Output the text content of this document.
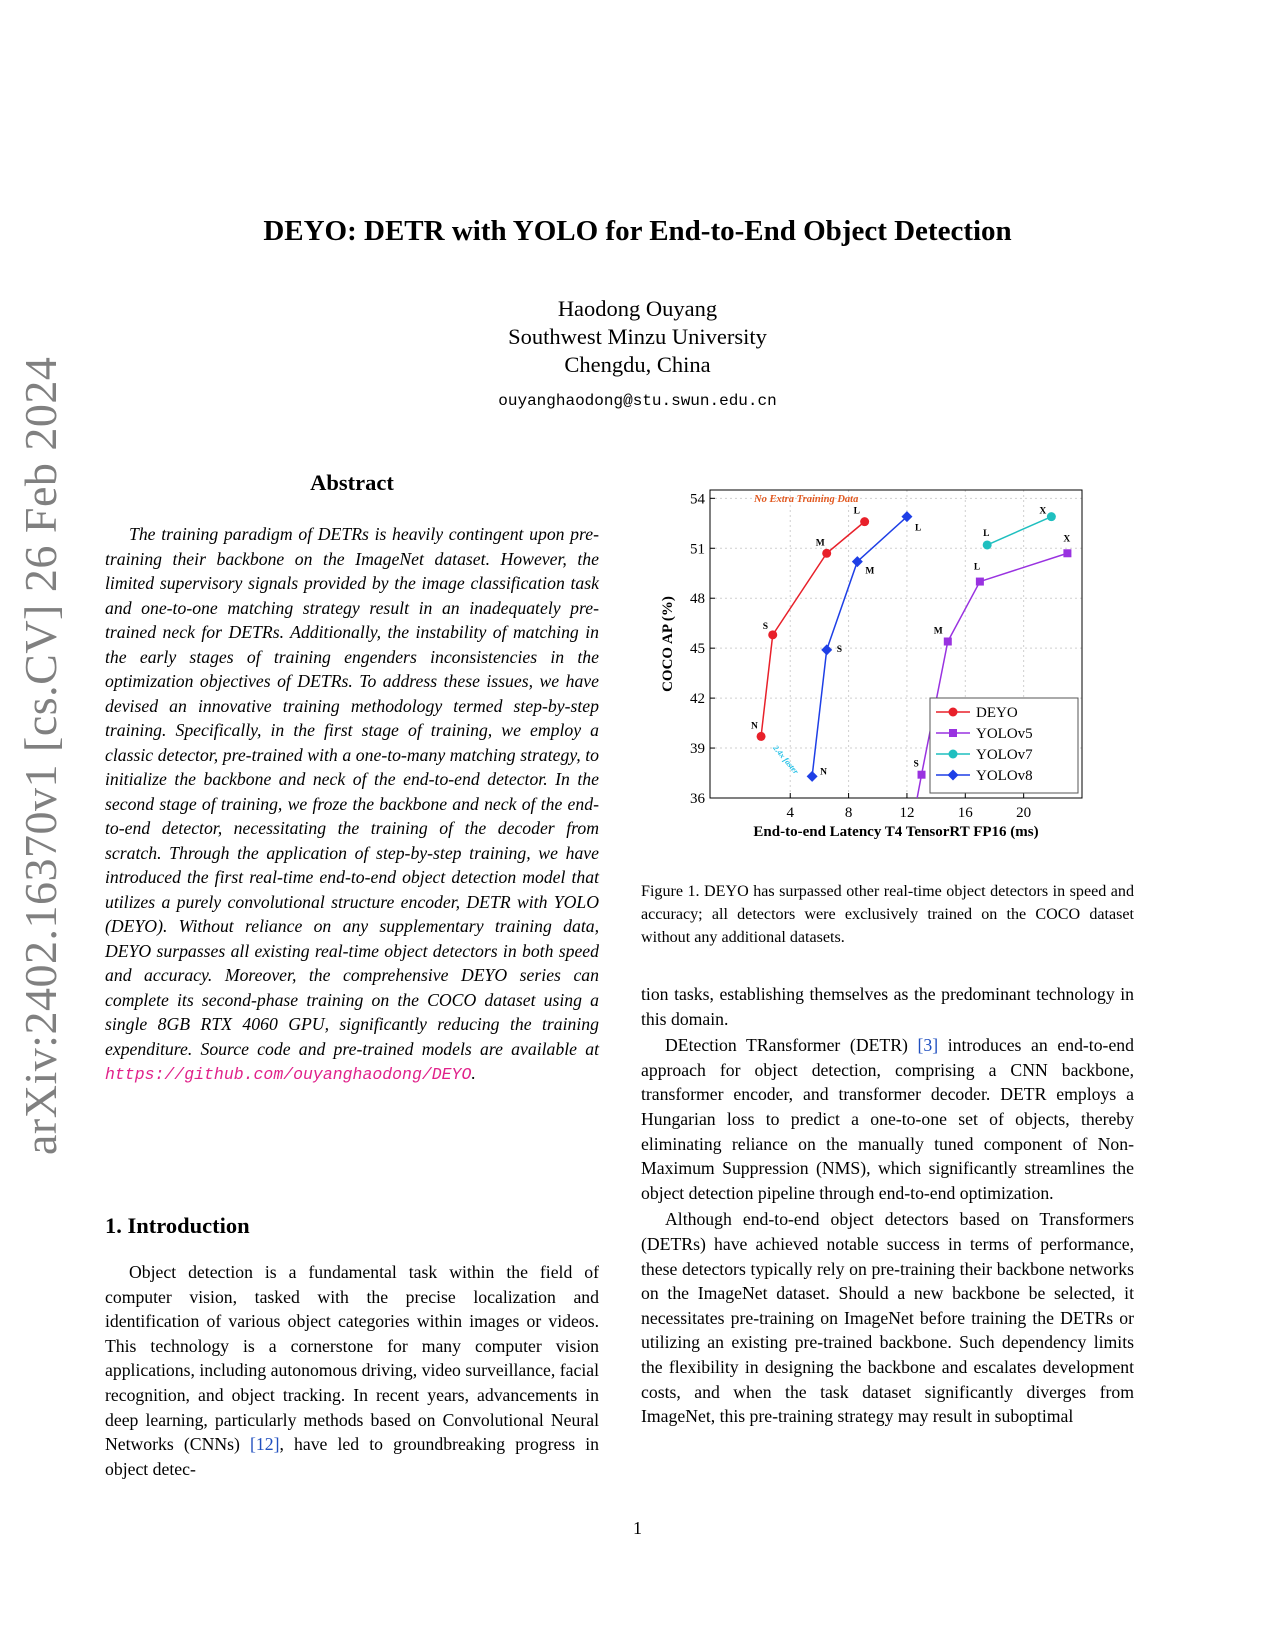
arXiv:2402.16370v1 [cs.CV] 26 Feb 2024
DEYO: DETR with YOLO for End-to-End Object Detection
Haodong Ouyang
Southwest Minzu University
Chengdu, China
ouyanghaodong@stu.swun.edu.cn
Abstract
The training paradigm of DETRs is heavily contingent upon pre-training their backbone on the ImageNet dataset. However, the limited supervisory signals provided by the image classification task and one-to-one matching strategy result in an inadequately pre-trained neck for DETRs. Additionally, the instability of matching in the early stages of training engenders inconsistencies in the optimization objectives of DETRs. To address these issues, we have devised an innovative training methodology termed step-by-step training. Specifically, in the first stage of training, we employ a classic detector, pre-trained with a one-to-many matching strategy, to initialize the backbone and neck of the end-to-end detector. In the second stage of training, we froze the backbone and neck of the end-to-end detector, necessitating the training of the decoder from scratch. Through the application of step-by-step training, we have introduced the first real-time end-to-end object detection model that utilizes a purely convolutional structure encoder, DETR with YOLO (DEYO). Without reliance on any supplementary training data, DEYO surpasses all existing real-time object detectors in both speed and accuracy. Moreover, the comprehensive DEYO series can complete its second-phase training on the COCO dataset using a single 8GB RTX 4060 GPU, significantly reducing the training expenditure. Source code and pre-trained models are available at https://github.com/ouyanghaodong/DEYO.
1. Introduction
Object detection is a fundamental task within the field of computer vision, tasked with the precise localization and identification of various object categories within images or videos. This technology is a cornerstone for many computer vision applications, including autonomous driving, video surveillance, facial recognition, and object tracking. In recent years, advancements in deep learning, particularly methods based on Convolutional Neural Networks (CNNs) [12], have led to groundbreaking progress in object detec-
4	8	12	16	20
36
39
42
45
48
51
54
End-to-end Latency T4 TensorRT FP16 (ms)
COCO AP (%)
No Extra Training Data
2.4x faster
N
S
M
L
S
M
L
X
L
X
N
S
M
L
DEYO
YOLOv5
YOLOv7
YOLOv8
Figure 1. DEYO has surpassed other real-time object detectors in speed and accuracy; all detectors were exclusively trained on the COCO dataset without any additional datasets.

tion tasks, establishing themselves as the predominant technology in this domain.

DEtection TRansformer (DETR) [3] introduces an end-to-end approach for object detection, comprising a CNN backbone, transformer encoder, and transformer decoder. DETR employs a Hungarian loss to predict a one-to-one set of objects, thereby eliminating reliance on the manually tuned component of Non-Maximum Suppression (NMS), which significantly streamlines the object detection pipeline through end-to-end optimization.

Although end-to-end object detectors based on Transformers (DETRs) have achieved notable success in terms of performance, these detectors typically rely on pre-training their backbone networks on the ImageNet dataset. Should a new backbone be selected, it necessitates pre-training on ImageNet before training the DETRs or utilizing an existing pre-trained backbone. Such dependency limits the flexibility in designing the backbone and escalates development costs, and when the task dataset significantly diverges from ImageNet, this pre-training strategy may result in suboptimal

1
